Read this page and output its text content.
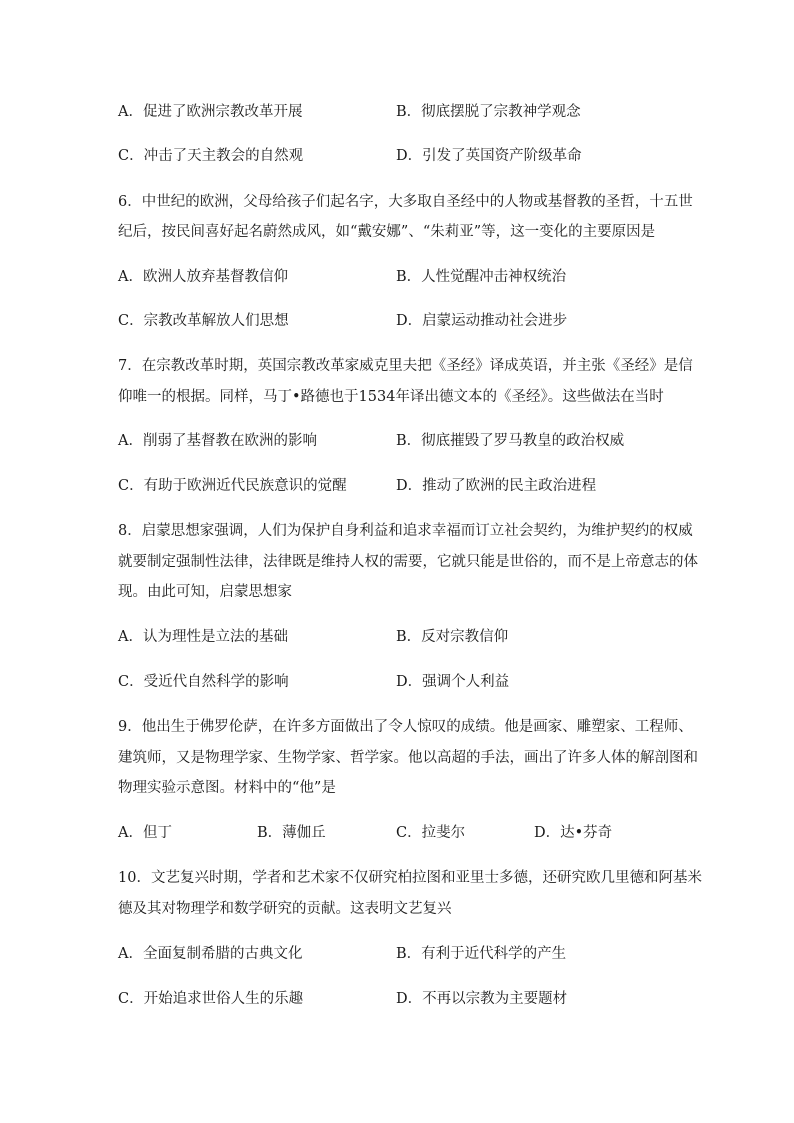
A．促进了欧洲宗教改革开展	B．彻底摆脱了宗教神学观念
C．冲击了天主教会的自然观	D．引发了英国资产阶级革命
6．中世纪的欧洲，父母给孩子们起名字，大多取自圣经中的人物或基督教的圣哲，十五世
纪后，按民间喜好起名蔚然成风，如“戴安娜”、“朱莉亚”等，这一变化的主要原因是
A．欧洲人放弃基督教信仰	B．人性觉醒冲击神权统治
C．宗教改革解放人们思想	D．启蒙运动推动社会进步
7．在宗教改革时期，英国宗教改革家威克里夫把《圣经》译成英语，并主张《圣经》是信
仰唯一的根据。同样，马丁•路德也于1534年译出德文本的《圣经》。这些做法在当时
A．削弱了基督教在欧洲的影响	B．彻底摧毁了罗马教皇的政治权威
C．有助于欧洲近代民族意识的觉醒	D．推动了欧洲的民主政治进程
8．启蒙思想家强调，人们为保护自身利益和追求幸福而订立社会契约，为维护契约的权威
就要制定强制性法律，法律既是维持人权的需要，它就只能是世俗的，而不是上帝意志的体
现。由此可知，启蒙思想家
A．认为理性是立法的基础	B．反对宗教信仰
C．受近代自然科学的影响	D．强调个人利益
9．他出生于佛罗伦萨，在许多方面做出了令人惊叹的成绩。他是画家、雕塑家、工程师、
建筑师，又是物理学家、生物学家、哲学家。他以高超的手法，画出了许多人体的解剖图和
物理实验示意图。材料中的“他”是
A．但丁	B．薄伽丘	C．拉斐尔	D．达•芬奇
10．文艺复兴时期，学者和艺术家不仅研究柏拉图和亚里士多德，还研究欧几里德和阿基米
德及其对物理学和数学研究的贡献。这表明文艺复兴
A．全面复制希腊的古典文化	B．有利于近代科学的产生
C．开始追求世俗人生的乐趣	D．不再以宗教为主要题材
